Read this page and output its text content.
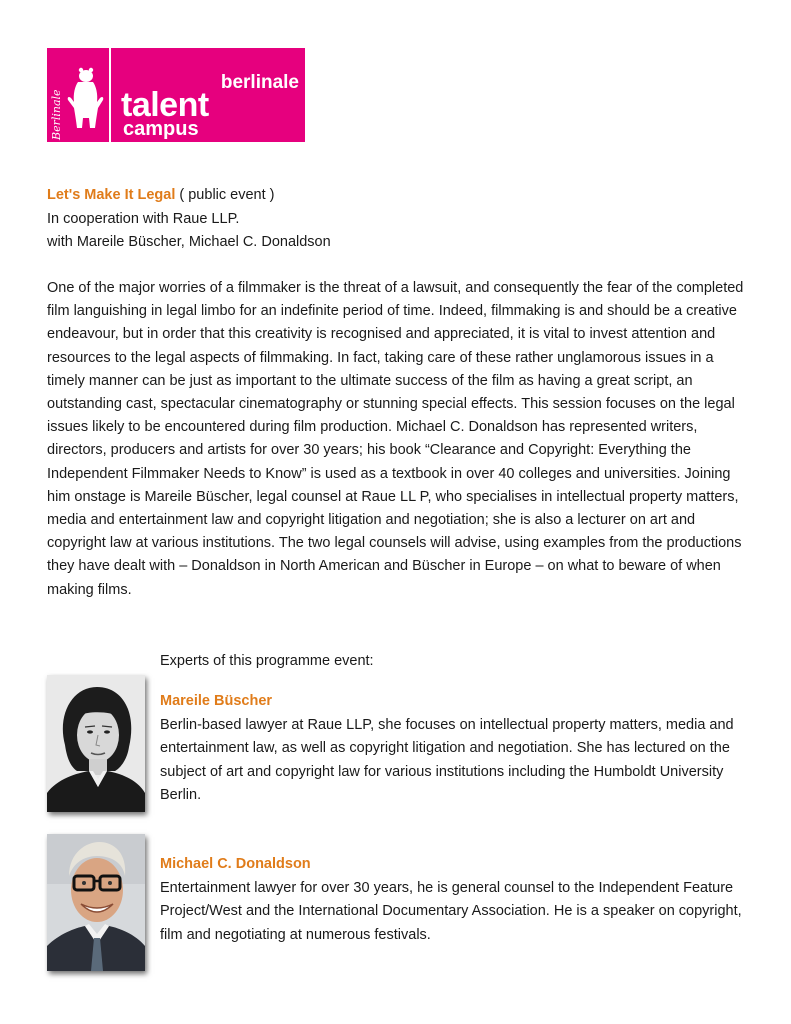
Berlinale
berlinale
talent
campus
Let's Make It Legal ( public event )
In cooperation with Raue LLP.
with Mareile Büscher, Michael C. Donaldson
One of the major worries of a filmmaker is the threat of a lawsuit, and consequently the fear of the completed film languishing in legal limbo for an indefinite period of time. Indeed, filmmaking is and should be a creative endeavour, but in order that this creativity is recognised and appreciated, it is vital to invest attention and resources to the legal aspects of filmmaking. In fact, taking care of these rather unglamorous issues in a timely manner can be just as important to the ultimate success of the film as having a great script, an outstanding cast, spectacular cinematography or stunning special effects. This session focuses on the legal issues likely to be encountered during film production. Michael C. Donaldson has represented writers, directors, producers and artists for over 30 years; his book “Clearance and Copyright: Everything the Independent Filmmaker Needs to Know” is used as a textbook in over 40 colleges and universities. Joining him onstage is Mareile Büscher, legal counsel at Raue LL P, who specialises in intellectual property matters, media and entertainment law and copyright litigation and negotiation; she is also a lecturer on art and copyright law at various institutions. The two legal counsels will advise, using examples from the productions they have dealt with – Donaldson in North American and Büscher in Europe – on what to beware of when making films.
Experts of this programme event:
Mareile Büscher
Berlin-based lawyer at Raue LLP, she focuses on intellectual property matters, media and entertainment law, as well as copyright litigation and negotiation. She has lectured on the subject of art and copyright law for various institutions including the Humboldt University Berlin.
Michael C. Donaldson
Entertainment lawyer for over 30 years, he is general counsel to the Independent Feature Project/West and the International Documentary Association. He is a speaker on copyright, film and negotiating at numerous festivals.
